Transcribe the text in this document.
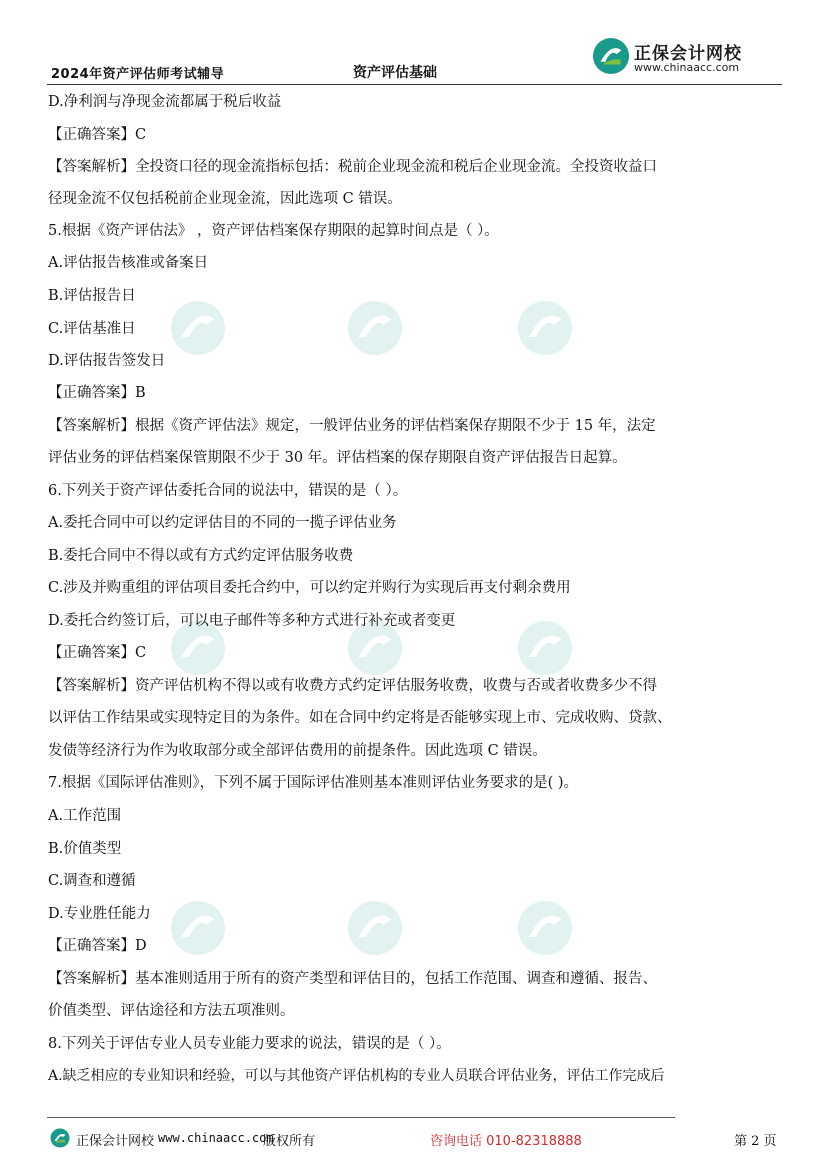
2024年资产评估师考试辅导	资产评估基础
正保会计网校
www.chinaacc.com
D.净利润与净现金流都属于税后收益
【正确答案】C
【答案解析】全投资口径的现金流指标包括：税前企业现金流和税后企业现金流。全投资收益口
径现金流不仅包括税前企业现金流，因此选项 C 错误。
5.根据《资产评估法》 ，资产评估档案保存期限的起算时间点是（ ）。
A.评估报告核准或备案日
B.评估报告日
C.评估基准日
D.评估报告签发日
【正确答案】B
【答案解析】根据《资产评估法》规定，一般评估业务的评估档案保存期限不少于 15 年，法定
评估业务的评估档案保管期限不少于 30 年。评估档案的保存期限自资产评估报告日起算。
6.下列关于资产评估委托合同的说法中，错误的是（ ）。
A.委托合同中可以约定评估目的不同的一揽子评估业务
B.委托合同中不得以或有方式约定评估服务收费
C.涉及并购重组的评估项目委托合约中，可以约定并购行为实现后再支付剩余费用
D.委托合约签订后，可以电子邮件等多种方式进行补充或者变更
【正确答案】C
【答案解析】资产评估机构不得以或有收费方式约定评估服务收费，收费与否或者收费多少不得
以评估工作结果或实现特定目的为条件。如在合同中约定将是否能够实现上市、完成收购、贷款、
发债等经济行为作为收取部分或全部评估费用的前提条件。因此选项 C 错误。
7.根据《国际评估准则》，下列不属于国际评估准则基本准则评估业务要求的是( )。
A.工作范围
B.价值类型
C.调查和遵循
D.专业胜任能力
【正确答案】D
【答案解析】基本准则适用于所有的资产类型和评估目的，包括工作范围、调查和遵循、报告、
价值类型、评估途径和方法五项准则。
8.下列关于评估专业人员专业能力要求的说法，错误的是（ ）。
A.缺乏相应的专业知识和经验，可以与其他资产评估机构的专业人员联合评估业务，评估工作完成后
正保会计网校 www.chinaacc.com
版权所有	咨询电话 010-82318888	第 2 页
